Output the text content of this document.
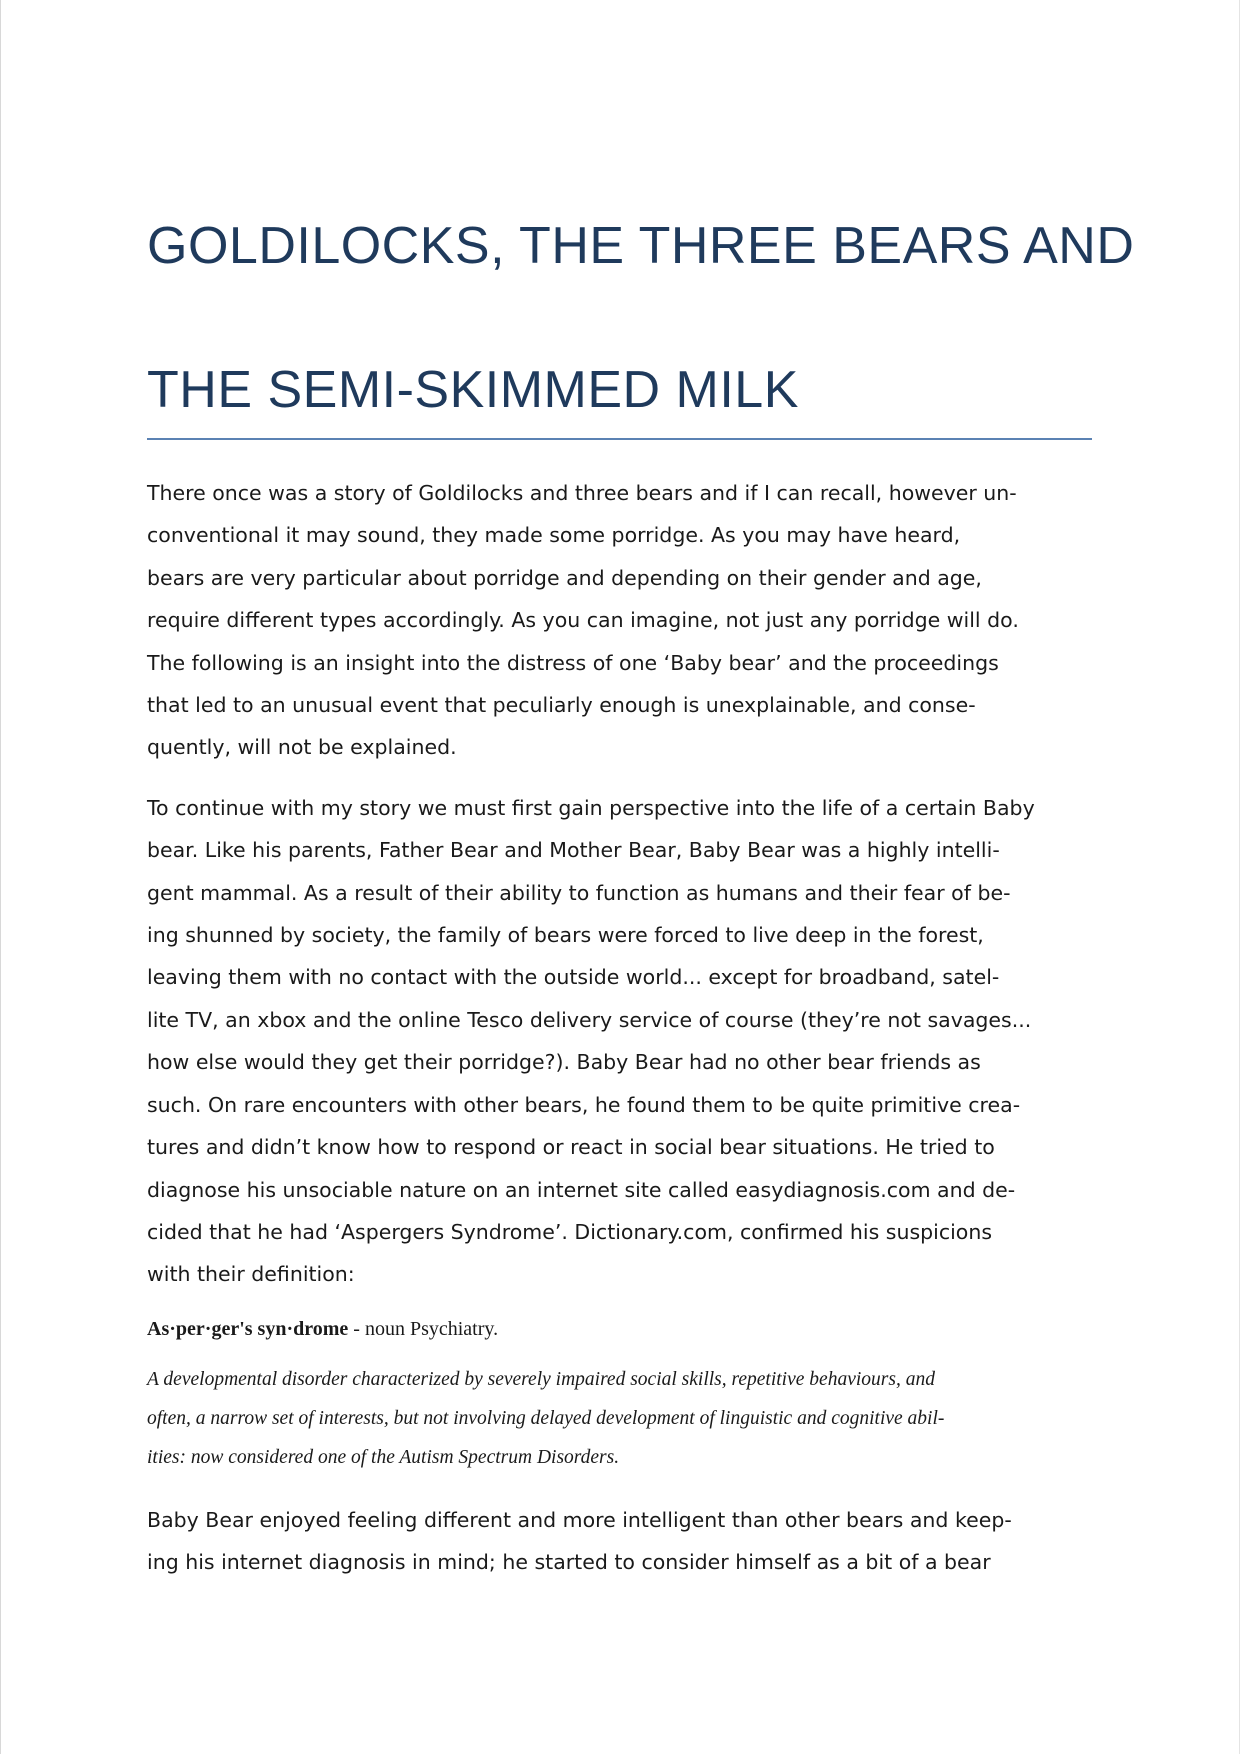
GOLDILOCKS, THE THREE BEARS AND
THE SEMI-SKIMMED MILK

There once was a story of Goldilocks and three bears and if I can recall, however un-
conventional it may sound, they made some porridge. As you may have heard,
bears are very particular about porridge and depending on their gender and age,
require different types accordingly. As you can imagine, not just any porridge will do.
The following is an insight into the distress of one ‘Baby bear’ and the proceedings
that led to an unusual event that peculiarly enough is unexplainable, and conse-
quently, will not be explained.

To continue with my story we must first gain perspective into the life of a certain Baby
bear. Like his parents, Father Bear and Mother Bear, Baby Bear was a highly intelli-
gent mammal. As a result of their ability to function as humans and their fear of be-
ing shunned by society, the family of bears were forced to live deep in the forest,
leaving them with no contact with the outside world... except for broadband, satel-
lite TV, an xbox and the online Tesco delivery service of course (they’re not savages...
how else would they get their porridge?). Baby Bear had no other bear friends as
such. On rare encounters with other bears, he found them to be quite primitive crea-
tures and didn’t know how to respond or react in social bear situations. He tried to
diagnose his unsociable nature on an internet site called easydiagnosis.com and de-
cided that he had ‘Aspergers Syndrome’. Dictionary.com, confirmed his suspicions
with their definition:

As·per·ger's syn·drome - noun Psychiatry.

A developmental disorder characterized by severely impaired social skills, repetitive behaviours, and
often, a narrow set of interests, but not involving delayed development of linguistic and cognitive abil-
ities: now considered one of the Autism Spectrum Disorders.

Baby Bear enjoyed feeling different and more intelligent than other bears and keep-
ing his internet diagnosis in mind; he started to consider himself as a bit of a bear
